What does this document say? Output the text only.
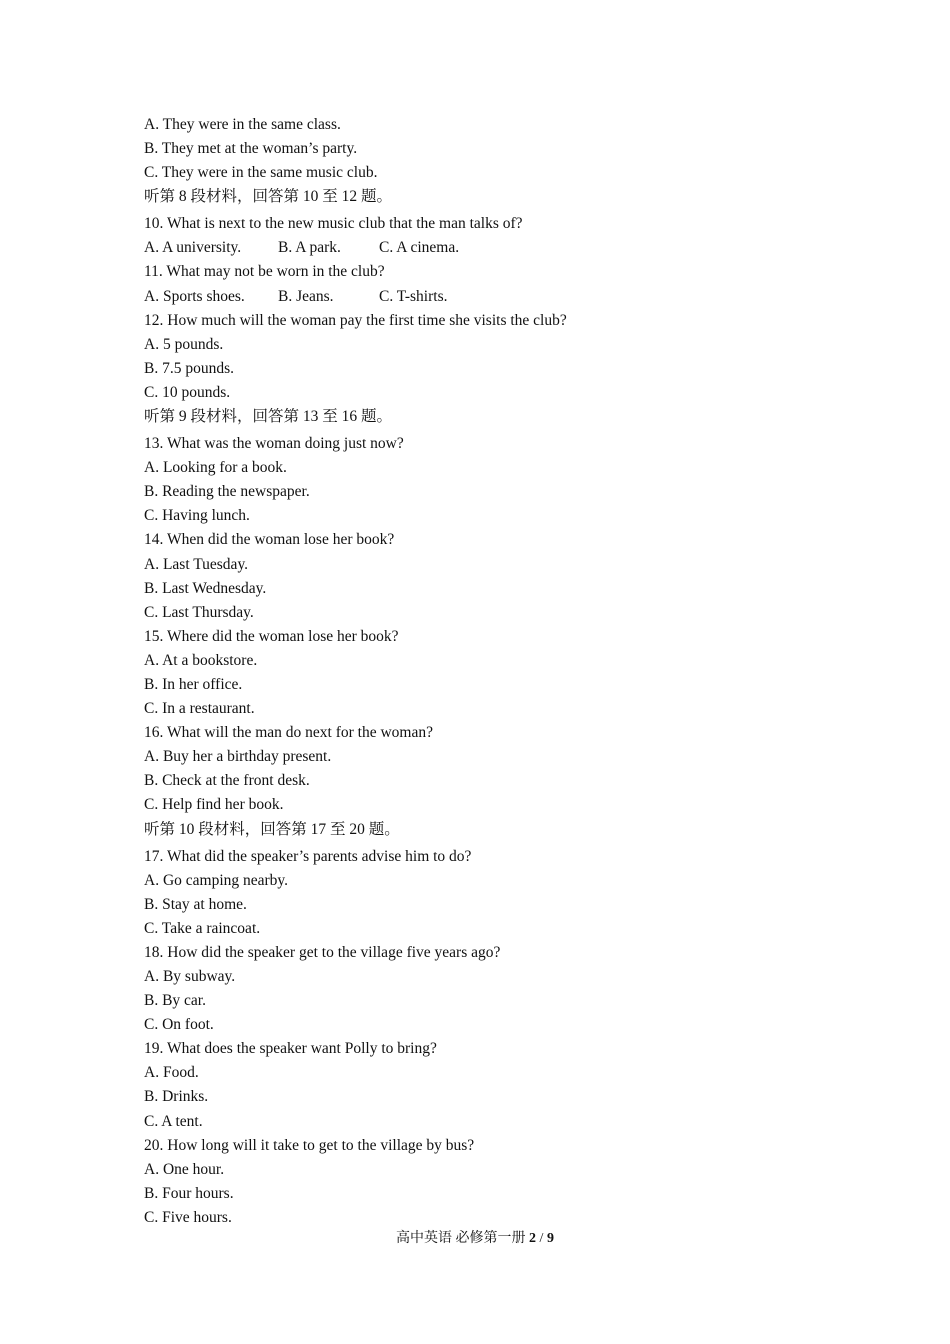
A. They were in the same class.
B. They met at the woman’s party.
C. They were in the same music club.
听第 8 段材料，回答第 10 至 12 题。
10. What is next to the new music club that the man talks of?
A. A university. B. A park. C. A cinema.
11. What may not be worn in the club?
A. Sports shoes. B. Jeans.	C. T-shirts.
12. How much will the woman pay the first time she visits the club?
A. 5 pounds.
B. 7.5 pounds.
C. 10 pounds.
听第 9 段材料，回答第 13 至 16 题。
13. What was the woman doing just now?
A. Looking for a book.
B. Reading the newspaper.
C. Having lunch.
14. When did the woman lose her book?
A. Last Tuesday.
B. Last Wednesday.
C. Last Thursday.
15. Where did the woman lose her book?
A. At a bookstore.
B. In her office.
C. In a restaurant.
16. What will the man do next for the woman?
A. Buy her a birthday present.
B. Check at the front desk.
C. Help find her book.
听第 10 段材料，回答第 17 至 20 题。
17. What did the speaker’s parents advise him to do?
A. Go camping nearby.
B. Stay at home.
C. Take a raincoat.
18. How did the speaker get to the village five years ago?
A. By subway.
B. By car.
C. On foot.
19. What does the speaker want Polly to bring?
A. Food.
B. Drinks.
C. A tent.
20. How long will it take to get to the village by bus?
A. One hour.
B. Four hours.
C. Five hours.
高中英语 必修第一册 2 / 9
